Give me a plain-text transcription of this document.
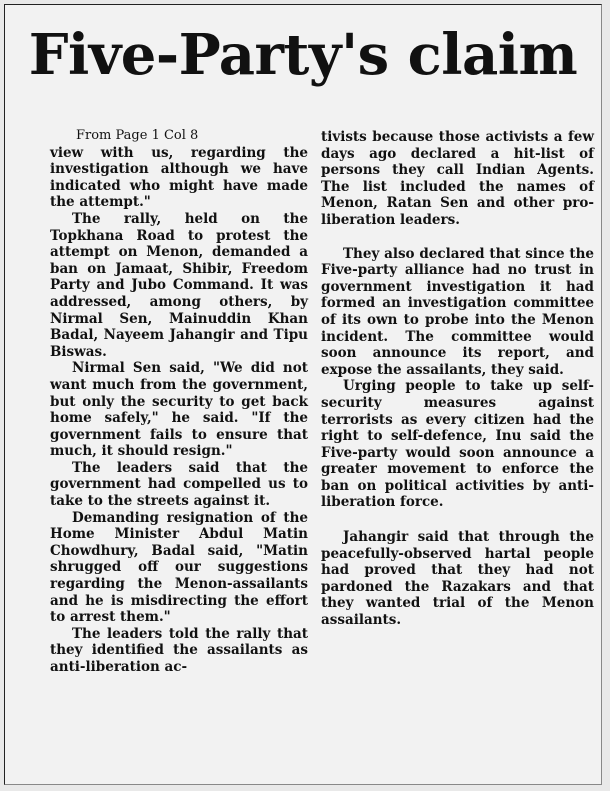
Five-Party's claim

From Page 1 Col 8

view with us, regarding the investigation although we have indicated who might have made the attempt."

The rally, held on the Topkhana Road to protest the attempt on Menon, demanded a ban on Jamaat, Shibir, Freedom Party and Jubo Command. It was addressed, among others, by Nirmal Sen, Mainuddin Khan Badal, Nayeem Jahangir and Tipu Biswas.

Nirmal Sen said, "We did not want much from the government, but only the security to get back home safely," he said. "If the government fails to ensure that much, it should resign."

The leaders said that the government had compelled us to take to the streets against it.

Demanding resignation of the Home Minister Abdul Matin Chowdhury, Badal said, "Matin shrugged off our suggestions regarding the Menon-assailants and he is misdirecting the effort to arrest them."

The leaders told the rally that they identified the assailants as anti-liberation ac-

tivists because those activists a few days ago declared a hit-list of persons they call Indian Agents. The list included the names of Menon, Ratan Sen and other pro-liberation leaders.

They also declared that since the Five-party alliance had no trust in government investigation it had formed an investigation committee of its own to probe into the Menon incident. The committee would soon announce its report, and expose the assailants, they said.

Urging people to take up self-security measures against terrorists as every citizen had the right to self-defence, Inu said the Five-party would soon announce a greater movement to enforce the ban on political activities by anti-liberation force.

Jahangir said that through the peacefully-observed hartal people had proved that they had not pardoned the Razakars and that they wanted trial of the Menon assailants.
